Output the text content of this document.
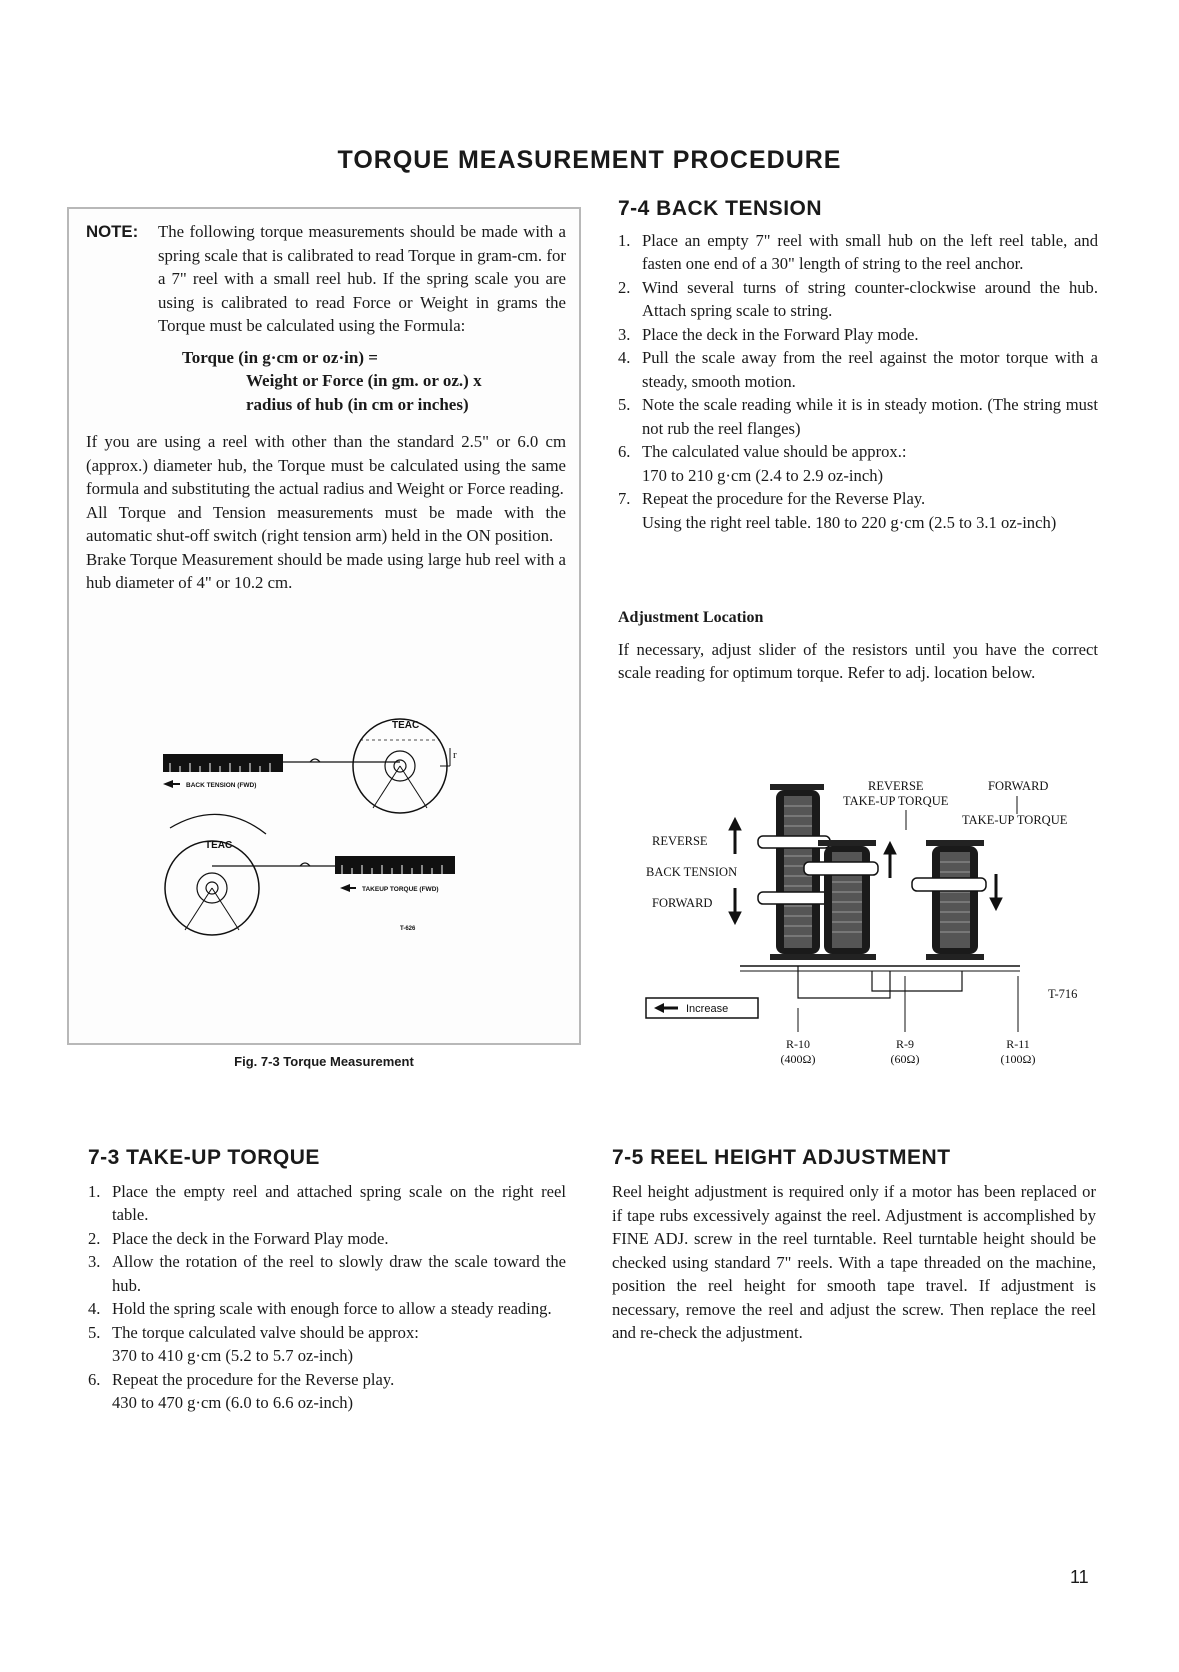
TORQUE MEASUREMENT PROCEDURE
NOTE:	The following torque measurements should be made with a spring scale that is calibrated to read Torque in gram-cm. for a 7" reel with a small reel hub. If the spring scale you are using is calibrated to read Force or Weight in grams the Torque must be calculated using the Formula:
Torque (in g·cm or oz·in) =
Weight or Force (in gm. or oz.) x
radius of hub (in cm or inches)

If you are using a reel with other than the standard 2.5" or 6.0 cm (approx.) diameter hub, the Torque must be calculated using the same formula and substituting the actual radius and Weight or Force reading.

All Torque and Tension measurements must be made with the automatic shut-off switch (right tension arm) held in the ON position.

Brake Torque Measurement should be made using large hub reel with a hub diameter of 4" or 10.2 cm.

TEAC
r
BACK TENSION (FWD)
TEAC
TAKEUP TORQUE (FWD)
T-626
Fig. 7-3 Torque Measurement
7-4 BACK TENSION
1. Place an empty 7" reel with small hub on the left reel table, and fasten one end of a 30" length of string to the reel anchor.
2. Wind several turns of string counter-clockwise around the hub. Attach spring scale to string.
3. Place the deck in the Forward Play mode.
4. Pull the scale away from the reel against the motor torque with a steady, smooth motion.
5. Note the scale reading while it is in steady motion. (The string must not rub the reel flanges)
6. The calculated value should be approx.:
170 to 210 g·cm (2.4 to 2.9 oz-inch)
7. Repeat the procedure for the Reverse Play.
Using the right reel table. 180 to 220 g·cm (2.5 to 3.1 oz-inch)
Adjustment Location
If necessary, adjust slider of the resistors until you have the correct scale reading for optimum torque. Refer to adj. location below.
REVERSE
TAKE-UP TORQUE
FORWARD
TAKE-UP TORQUE
REVERSE
BACK TENSION
FORWARD
T-716
Increase
R-10
(400Ω)
R-9
(60Ω)
R-11
(100Ω)
7-3 TAKE-UP TORQUE
1. Place the empty reel and attached spring scale on the right reel table.
2. Place the deck in the Forward Play mode.
3. Allow the rotation of the reel to slowly draw the scale toward the hub.
4. Hold the spring scale with enough force to allow a steady reading.
5. The torque calculated valve should be approx:
370 to 410 g·cm (5.2 to 5.7 oz-inch)
6. Repeat the procedure for the Reverse play.
430 to 470 g·cm (6.0 to 6.6 oz-inch)
7-5 REEL HEIGHT ADJUSTMENT
Reel height adjustment is required only if a motor has been replaced or if tape rubs excessively against the reel. Adjustment is accomplished by FINE ADJ. screw in the reel turntable. Reel turntable height should be checked using standard 7" reels. With a tape threaded on the machine, position the reel height for smooth tape travel. If adjustment is necessary, remove the reel and adjust the screw. Then replace the reel and re-check the adjustment.
11
